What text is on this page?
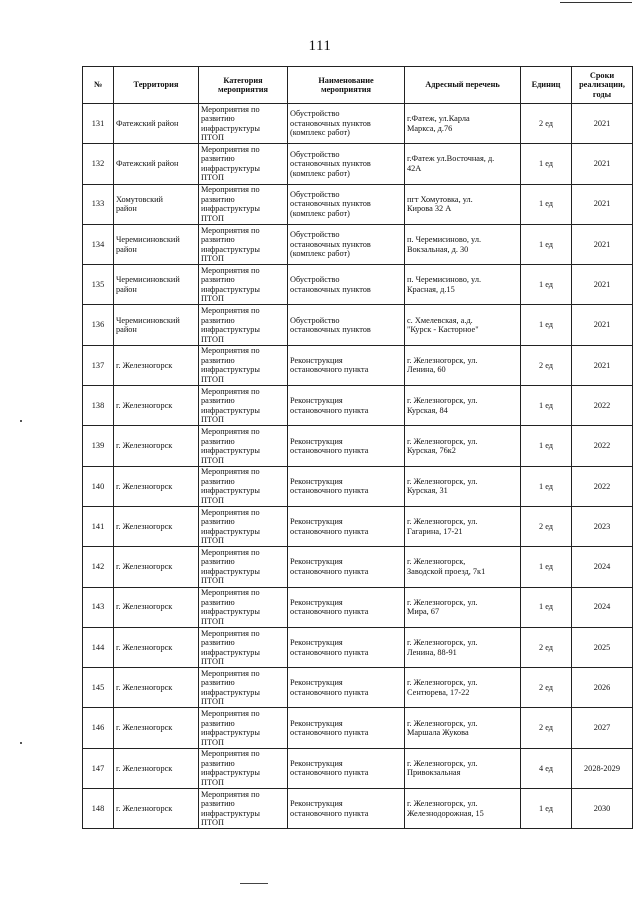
111
№	Территория	Категория
мероприятия	Наименование
мероприятия	Адресный перечень	Единиц	Сроки
реализации,
годы
131	Фатежский район	Мероприятия по
развитию
инфраструктуры
ПТОП	Обустройство
остановочных пунктов
(комплекс работ)	г.Фатеж, ул.Карла
Маркса, д.76	2 ед	2021
132	Фатежский район	Мероприятия по
развитию
инфраструктуры
ПТОП	Обустройство
остановочных пунктов
(комплекс работ)	г.Фатеж ул.Восточная, д.
42А	1 ед	2021
133	Хомутовский
район	Мероприятия по
развитию
инфраструктуры
ПТОП	Обустройство
остановочных пунктов
(комплекс работ)	пгт Хомутовка, ул.
Кирова 32 А	1 ед	2021
134	Черемисиновский
район	Мероприятия по
развитию
инфраструктуры
ПТОП	Обустройство
остановочных пунктов
(комплекс работ)	п. Черемисиново, ул.
Вокзальная, д. 30	1 ед	2021
135	Черемисиновский
район	Мероприятия по
развитию
инфраструктуры
ПТОП	Обустройство
остановочных пунктов	п. Черемисиново, ул.
Красная, д.15	1 ед	2021
136	Черемисиновский
район	Мероприятия по
развитию
инфраструктуры
ПТОП	Обустройство
остановочных пунктов	с. Хмелевская, а.д.
"Курск - Касторное"	1 ед	2021
137	г. Железногорск	Мероприятия по
развитию
инфраструктуры
ПТОП	Реконструкция
остановочного пункта	г. Железногорск, ул.
Ленина, 60	2 ед	2021
138	г. Железногорск	Мероприятия по
развитию
инфраструктуры
ПТОП	Реконструкция
остановочного пункта	г. Железногорск, ул.
Курская, 84	1 ед	2022
139	г. Железногорск	Мероприятия по
развитию
инфраструктуры
ПТОП	Реконструкция
остановочного пункта	г. Железногорск, ул.
Курская, 76к2	1 ед	2022
140	г. Железногорск	Мероприятия по
развитию
инфраструктуры
ПТОП	Реконструкция
остановочного пункта	г. Железногорск, ул.
Курская, 31	1 ед	2022
141	г. Железногорск	Мероприятия по
развитию
инфраструктуры
ПТОП	Реконструкция
остановочного пункта	г. Железногорск, ул.
Гагарина, 17-21	2 ед	2023
142	г. Железногорск	Мероприятия по
развитию
инфраструктуры
ПТОП	Реконструкция
остановочного пункта	г. Железногорск,
Заводской проезд, 7к1	1 ед	2024
143	г. Железногорск	Мероприятия по
развитию
инфраструктуры
ПТОП	Реконструкция
остановочного пункта	г. Железногорск, ул.
Мира, 67	1 ед	2024
144	г. Железногорск	Мероприятия по
развитию
инфраструктуры
ПТОП	Реконструкция
остановочного пункта	г. Железногорск, ул.
Ленина, 88-91	2 ед	2025
145	г. Железногорск	Мероприятия по
развитию
инфраструктуры
ПТОП	Реконструкция
остановочного пункта	г. Железногорск, ул.
Сентюрева, 17-22	2 ед	2026
146	г. Железногорск	Мероприятия по
развитию
инфраструктуры
ПТОП	Реконструкция
остановочного пункта	г. Железногорск, ул.
Маршала Жукова	2 ед	2027
147	г. Железногорск	Мероприятия по
развитию
инфраструктуры
ПТОП	Реконструкция
остановочного пункта	г. Железногорск, ул.
Привокзальная	4 ед	2028-2029
148	г. Железногорск	Мероприятия по
развитию
инфраструктуры
ПТОП	Реконструкция
остановочного пункта	г. Железногорск, ул.
Железнодорожная, 15	1 ед	2030
